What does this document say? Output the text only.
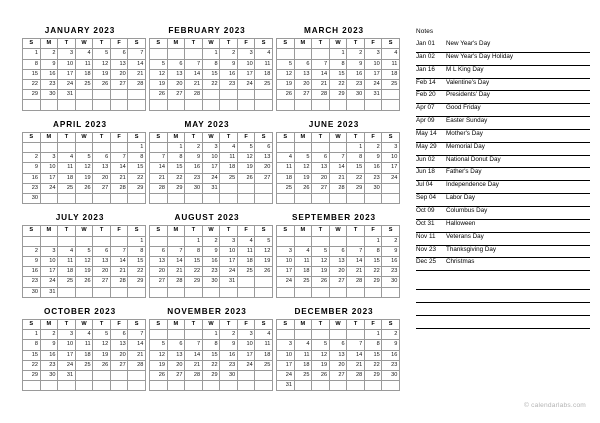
JANUARY 2023
S	M	T	W	T	F	S
1	2	3	4	5	6	7
8	9	10	11	12	13	14
15	16	17	18	19	20	21
22	23	24	25	26	27	28
29	30	31				

FEBRUARY 2023
S	M	T	W	T	F	S
			1	2	3	4
5	6	7	8	9	10	11
12	13	14	15	16	17	18
19	20	21	22	23	24	25
26	27	28				

MARCH 2023
S	M	T	W	T	F	S
			1	2	3	4
5	6	7	8	9	10	11
12	13	14	15	16	17	18
19	20	21	22	23	24	25
26	27	28	29	30	31	

APRIL 2023
S	M	T	W	T	F	S
						1
2	3	4	5	6	7	8
9	10	11	12	13	14	15
16	17	18	19	20	21	22
23	24	25	26	27	28	29
30						
MAY 2023
S	M	T	W	T	F	S
	1	2	3	4	5	6
7	8	9	10	11	12	13
14	15	16	17	18	19	20
21	22	23	24	25	26	27
28	29	30	31			

JUNE 2023
S	M	T	W	T	F	S
				1	2	3
4	5	6	7	8	9	10
11	12	13	14	15	16	17
18	19	20	21	22	23	24
25	26	27	28	29	30	

JULY 2023
S	M	T	W	T	F	S
						1
2	3	4	5	6	7	8
9	10	11	12	13	14	15
16	17	18	19	20	21	22
23	24	25	26	27	28	29
30	31					
AUGUST 2023
S	M	T	W	T	F	S
		1	2	3	4	5
6	7	8	9	10	11	12
13	14	15	16	17	18	19
20	21	22	23	24	25	26
27	28	29	30	31		

SEPTEMBER 2023
S	M	T	W	T	F	S
					1	2
3	4	5	6	7	8	9
10	11	12	13	14	15	16
17	18	19	20	21	22	23
24	25	26	27	28	29	30

OCTOBER 2023
S	M	T	W	T	F	S
1	2	3	4	5	6	7
8	9	10	11	12	13	14
15	16	17	18	19	20	21
22	23	24	25	26	27	28
29	30	31				

NOVEMBER 2023
S	M	T	W	T	F	S
			1	2	3	4
5	6	7	8	9	10	11
12	13	14	15	16	17	18
19	20	21	22	23	24	25
26	27	28	29	30		

DECEMBER 2023
S	M	T	W	T	F	S
					1	2
3	4	5	6	7	8	9
10	11	12	13	14	15	16
17	18	19	20	21	22	23
24	25	26	27	28	29	30
31						
Notes
Jan 01	New Year's Day
Jan 02	New Year's Day Holiday
Jan 16	M L King Day
Feb 14	Valentine's Day
Feb 20	Presidents' Day
Apr 07	Good Friday
Apr 09	Easter Sunday
May 14	Mother's Day
May 29	Memorial Day
Jun 02	National Donut Day
Jun 18	Father's Day
Jul 04	Independence Day
Sep 04	Labor Day
Oct 09	Columbus Day
Oct 31	Halloween
Nov 11	Veterans Day
Nov 23	Thanksgiving Day
Dec 25	Christmas
© calendarlabs.com
